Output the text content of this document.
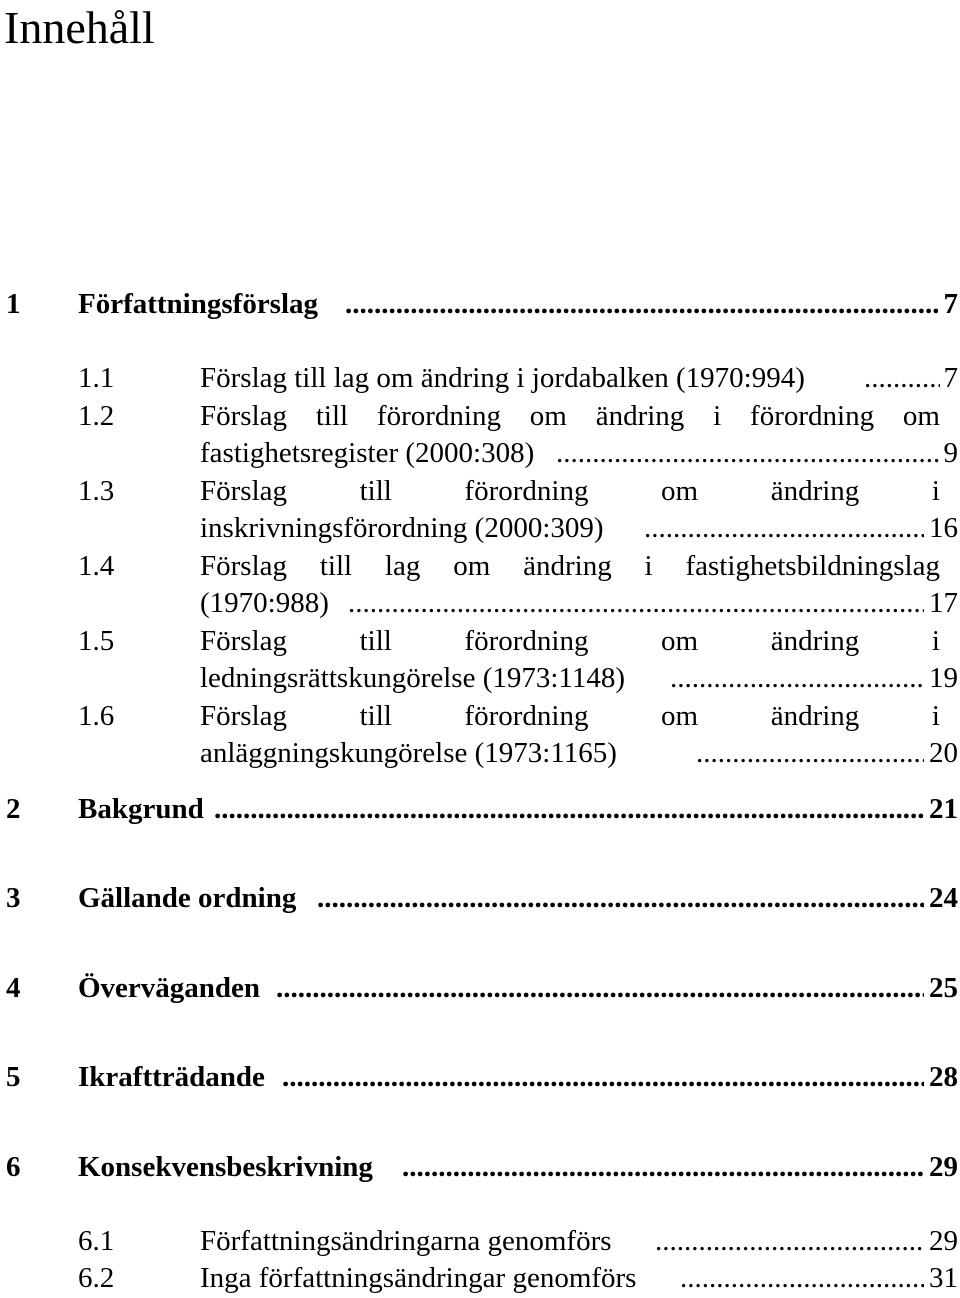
Innehåll
1 Författningsförslag .....	7
1.1	Förslag till lag om ändring i jordabalken (1970:994) .....	7
1.2	Förslag till förordning om ändring i förordning om
fastighetsregister (2000:308) .....	9
1.3	Förslag	till	förordning	om	ändring	i
inskrivningsförordning (2000:309) .....	16
1.4	Förslag till lag om ändring i fastighetsbildningslag
(1970:988) .....	17
1.5	Förslag	till	förordning	om	ändring	i
ledningsrättskungörelse (1973:1148) .....	19
1.6	Förslag	till	förordning	om	ändring	i
anläggningskungörelse (1973:1165) .....	20
2 Bakgrund .....	21
3 Gällande ordning .....	24
4 Överväganden .....	25
5 Ikraftträdande .....	28
6 Konsekvensbeskrivning .....	29
6.1	Författningsändringarna genomförs .....	29
6.2	Inga författningsändringar genomförs .....	31
